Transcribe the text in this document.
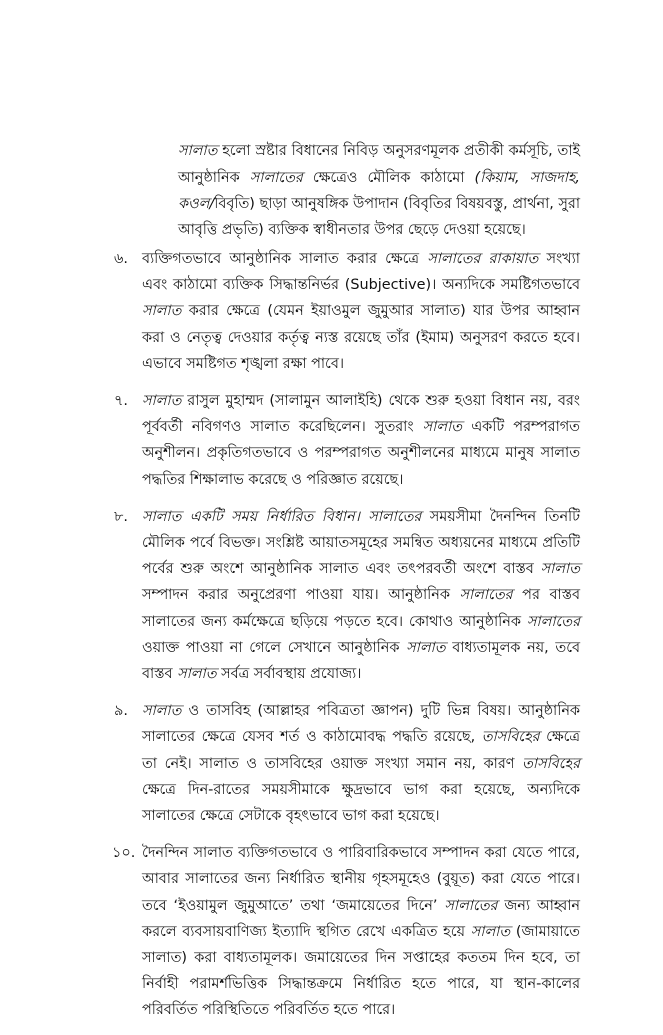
সালাত হলো স্রষ্টার বিধানের নিবিড় অনুসরণমূলক প্রতীকী কর্মসূচি, তাই আনুষ্ঠানিক সালাতের ক্ষেত্রেও মৌলিক কাঠামো (কিয়াম, সাজদাহ, কওল/বিবৃতি) ছাড়া আনুষঙ্গিক উপাদান (বিবৃতির বিষয়বস্তু, প্রার্থনা, সুরা আবৃত্তি প্রভৃতি) ব্যক্তিক স্বাধীনতার উপর ছেড়ে দেওয়া হয়েছে।

৬. ব্যক্তিগতভাবে আনুষ্ঠানিক সালাত করার ক্ষেত্রে সালাতের রাকায়াত সংখ্যা এবং কাঠামো ব্যক্তিক সিদ্ধান্তনির্ভর (Subjective)। অন্যদিকে সমষ্টিগতভাবে সালাত করার ক্ষেত্রে (যেমন ইয়াওমুল জুমুআর সালাত) যার উপর আহ্বান করা ও নেতৃত্ব দেওয়ার কর্তৃত্ব ন্যস্ত রয়েছে তাঁর (ইমাম) অনুসরণ করতে হবে। এভাবে সমষ্টিগত শৃঙ্খলা রক্ষা পাবে।
৭. সালাত রাসুল মুহাম্মদ (সালামুন আলাইহি) থেকে শুরু হওয়া বিধান নয়, বরং পূর্ববর্তী নবিগণও সালাত করেছিলেন। সুতরাং সালাত একটি পরম্পরাগত অনুশীলন। প্রকৃতিগতভাবে ও পরম্পরাগত অনুশীলনের মাধ্যমে মানুষ সালাত পদ্ধতির শিক্ষালাভ করেছে ও পরিজ্ঞাত রয়েছে।
৮. সালাত একটি সময় নির্ধারিত বিধান। সালাতের সময়সীমা দৈনন্দিন তিনটি মৌলিক পর্বে বিভক্ত। সংশ্লিষ্ট আয়াতসমূহের সমন্বিত অধ্যয়নের মাধ্যমে প্রতিটি পর্বের শুরু অংশে আনুষ্ঠানিক সালাত এবং তৎপরবর্তী অংশে বাস্তব সালাত সম্পাদন করার অনুপ্রেরণা পাওয়া যায়। আনুষ্ঠানিক সালাতের পর বাস্তব সালাতের জন্য কর্মক্ষেত্রে ছড়িয়ে পড়তে হবে। কোথাও আনুষ্ঠানিক সালাতের ওয়াক্ত পাওয়া না গেলে সেখানে আনুষ্ঠানিক সালাত বাধ্যতামূলক নয়, তবে বাস্তব সালাত সর্বত্র সর্বাবস্থায় প্রযোজ্য।
৯. সালাত ও তাসবিহ (আল্লাহর পবিত্রতা জ্ঞাপন) দুটি ভিন্ন বিষয়। আনুষ্ঠানিক সালাতের ক্ষেত্রে যেসব শর্ত ও কাঠামোবদ্ধ পদ্ধতি রয়েছে, তাসবিহের ক্ষেত্রে তা নেই। সালাত ও তাসবিহের ওয়াক্ত সংখ্যা সমান নয়, কারণ তাসবিহের ক্ষেত্রে দিন-রাতের সময়সীমাকে ক্ষুদ্রভাবে ভাগ করা হয়েছে, অন্যদিকে সালাতের ক্ষেত্রে সেটাকে বৃহৎভাবে ভাগ করা হয়েছে।
১০. দৈনন্দিন সালাত ব্যক্তিগতভাবে ও পারিবারিকভাবে সম্পাদন করা যেতে পারে, আবার সালাতের জন্য নির্ধারিত স্থানীয় গৃহসমূহেও (বুয়ূত) করা যেতে পারে। তবে ‘ইওয়ামুল জুমুআতে’ তথা ‘জমায়েতের দিনে’ সালাতের জন্য আহ্বান করলে ব্যবসায়বাণিজ্য ইত্যাদি স্থগিত রেখে একত্রিত হয়ে সালাত (জামায়াতে সালাত) করা বাধ্যতামূলক। জমায়েতের দিন সপ্তাহের কততম দিন হবে, তা নির্বাহী পরামর্শভিত্তিক সিদ্ধান্তক্রমে নির্ধারিত হতে পারে, যা স্থান-কালের পরিবর্তিত পরিস্থিতিতে পরিবর্তিত হতে পারে।
